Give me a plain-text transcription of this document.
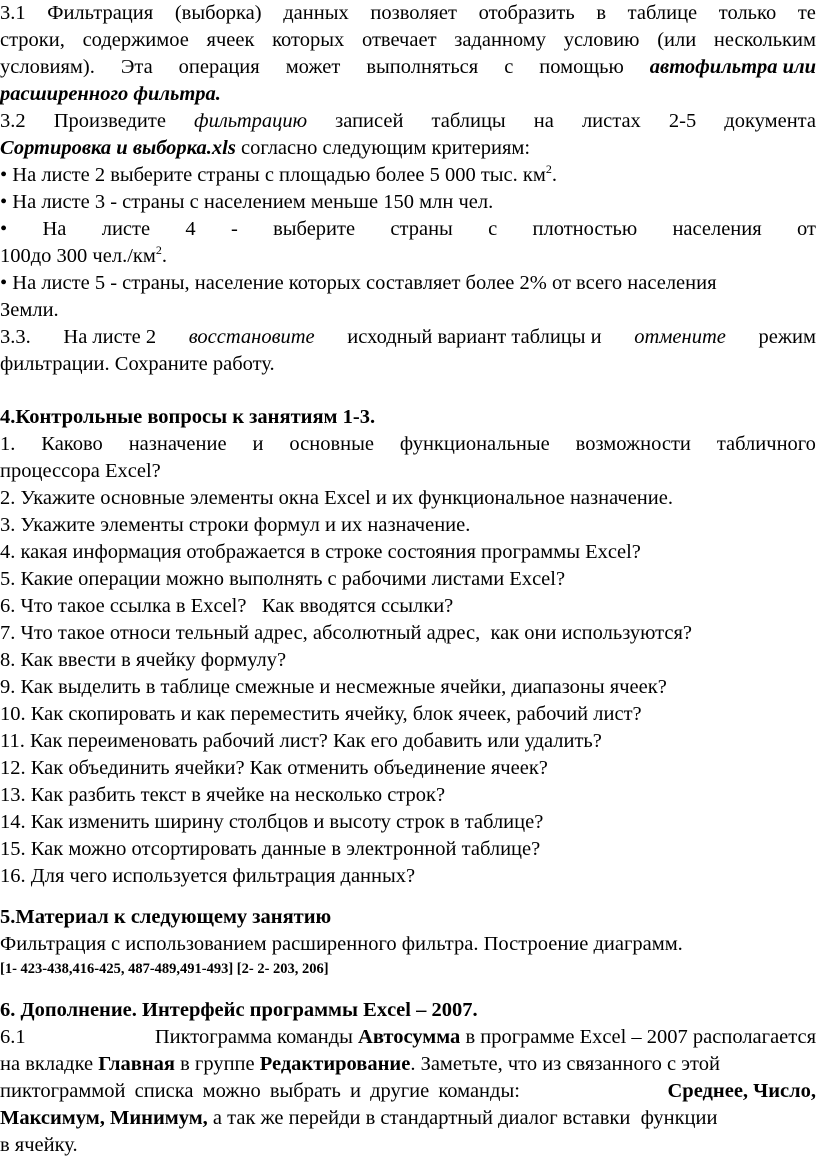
3.1 Фильтрация (выборка) данных позволяет отобразить в таблице только те
строки, содержимое ячеек которых отвечает заданному условию (или нескольким
условиям). Эта операция может выполняться с помощью автофильтра или
расширенного фильтра.
3.2 Произведите фильтрацию записей таблицы на листах 2-5 документа
Сортировка и выборка.xls согласно следующим критериям:
• На листе 2 выберите страны с площадью более 5 000 тыс. $км^2$.
• На листе 3 - страны с населением меньше 150 млн чел.
• На листе 4 - выберите страны с плотностью населения от
100до 300 $чел./км^2$.
• На листе 5 - страны, население которых составляет более 2% от всего населения
Земли.
3.3. На листе 2 восстановите исходный вариант таблицы и отмените режим
фильтрации. Сохраните работу.
4.Контрольные вопросы к занятиям 1-3.
1. Каково назначение и основные функциональные возможности табличного
процессора Excel?
2. Укажите основные элементы окна Excel и их функциональное назначение.
3. Укажите элементы строки формул и их назначение.
4. какая информация отображается в строке состояния программы Excel?
5. Какие операции можно выполнять с рабочими листами Excel?
6. Что такое ссылка в Excel?   Как вводятся ссылки?
7. Что такое относи тельный адрес, абсолютный адрес,  как они используются?
8. Как ввести в ячейку формулу?
9. Как выделить в таблице смежные и несмежные ячейки, диапазоны ячеек?
10. Как скопировать и как переместить ячейку, блок ячеек, рабочий лист?
11. Как переименовать рабочий лист? Как его добавить или удалить?
12. Как объединить ячейки? Как отменить объединение ячеек?
13. Как разбить текст в ячейке на несколько строк?
14. Как изменить ширину столбцов и высоту строк в таблице?
15. Как можно отсортировать данные в электронной таблице?
16. Для чего используется фильтрация данных?
5.Материал к следующему занятию
Фильтрация с использованием расширенного фильтра. Построение диаграмм.
[1- 423-438,416-425, 487-489,491-493] [2- 2- 203, 206]
6. Дополнение. Интерфейс программы Excel – 2007.
6.1	Пиктограмма команды Автосумма в программе Excel – 2007 располагается
на вкладке Главная в группе Редактирование. Заметьте, что из связанного с этой
пиктограммой списка можно выбрать и другие команды:	Среднее, Число,
Максимум, Минимум, а так же перейди в стандартный диалог вставки  функции
в ячейку.
